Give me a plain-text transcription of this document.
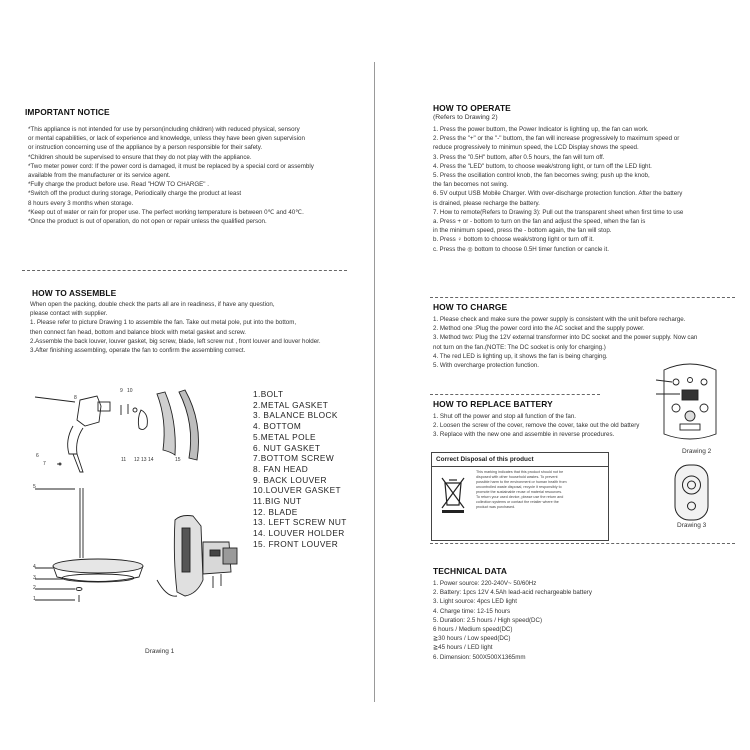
IMPORTANT NOTICE
*This appliance is not intended for use by person(including children) with reduced physical, sensory
or mental capabilities, or lack of experience and knowledge, unless they have been given supervision
or instruction concerning use of the appliance by a person responsible for their safety.
*Children should be supervised to ensure that they do not play with the appliance.
*Two meter power cord: If the power cord is damaged, it must be replaced by a special cord or assembly
available from the manufacturer or its service agent.
*Fully charge the product before use. Read "HOW TO CHARGE" .
*Switch off the product during storage, Periodically charge the product at least
8 hours every 3 months when storage.
*Keep out of water or rain for proper use. The perfect working temperature is between 0℃ and 40℃.
*Once the product is out of operation, do not open or repair unless the qualified person.
HOW TO ASSEMBLE
When open the packing, double check the parts all are in readiness, if have any question,
please contact with supplier.
1. Please refer to picture Drawing 1 to assemble the fan. Take out metal pole, put into the bottom,
then connect fan head, bottom and balance block with metal gasket and screw.
2.Assemble the back louver, louver gasket, big screw, blade, left screw nut , front louver and louver holder.
3.After finishing assembling, operate the fan to confirm the assembling correct.
1.BOLT
2.METAL GASKET
3. BALANCE BLOCK
4. BOTTOM
5.METAL POLE
6. NUT GASKET
7.BOTTOM SCREW
8. FAN HEAD
9. BACK LOUVER
10.LOUVER GASKET
11.BIG NUT
12. BLADE
13. LEFT SCREW NUT
14. LOUVER HOLDER
15. FRONT LOUVER
8
9 10
11 12 13 14	15
6
7
5
4
3
2
1
Drawing 1
HOW TO OPERATE
(Refers to Drawing 2)
1. Press the power buttom, the Power Indicator is lighting up, the fan can work.
2. Press the "+" or the "-" buttom, the fan will increase progressively to maximum speed or
reduce progressively to minimun speed, the LCD Display shows the speed.
3. Press the "0.5H" buttom, after 0.5 hours, the fan will turn off.
4. Press the "LED" buttom, to choose weak/strong light, or turn off the LED light.
5. Press the oscillation control knob, the fan becomes swing; push up the knob,
the fan becomes not swing.
6. 5V output USB Mobile Charger. With over-discharge protection function. After the battery
is drained, please recharge the battery.
7. How to remote(Refers to Drawing 3): Pull out the transparent sheet when first time to use
a. Press + or - bottom to turn on the fan and adjust the speed, when the fan is
in the minimum speed, press the - bottom again, the fan will stop.
b. Press ♀ bottom to choose weak/strong light or turn off it.
c. Press the ◎ bottom to choose 0.5H timer function or cancle it.
HOW TO CHARGE
1. Please check and make sure the power supply is consistent with the unit before recharge.
2. Method one :Plug the power cord into the AC socket and the supply power.
3. Method two: Plug the 12V external transformer into DC socket and the power supply. Now can
not turn on the fan.(NOTE: The DC socket is only for charging.)
4. The red LED is lighting up, it shows the fan is being charging.
5. With overcharge protection function.
HOW TO REPLACE BATTERY
1. Shut off the power and stop all function of the fan.
2. Loosen the screw of the cover, remove the cover, take out the old battery
3. Replace with the new one and assemble in reverse procedures.
Drawing 2
Drawing 3
Correct Disposal of this product
This marking indicates that this product should not be
disposed with other household wastes. To prevent
possible harm to the environment or human health from
uncontrolled waste disposal, recycle it responsibly to
promote the sustainable reuse of material resources.
To return your used device, please use the return and
collection systems or contact the retailer where the
product was purchased.
TECHNICAL DATA
1. Power source: 220-240V~ 50/60Hz
2. Battery: 1pcs 12V 4.5Ah lead-acid rechargeable battery
3. Light source: 4pcs LED light
4. Charge time: 12-15 hours
5. Duration: 2.5 hours / High speed(DC)
6 hours / Medium speed(DC)
≧30 hours / Low speed(DC)
≧45 hours / LED light
6. Dimension: 500X500X1365mm
